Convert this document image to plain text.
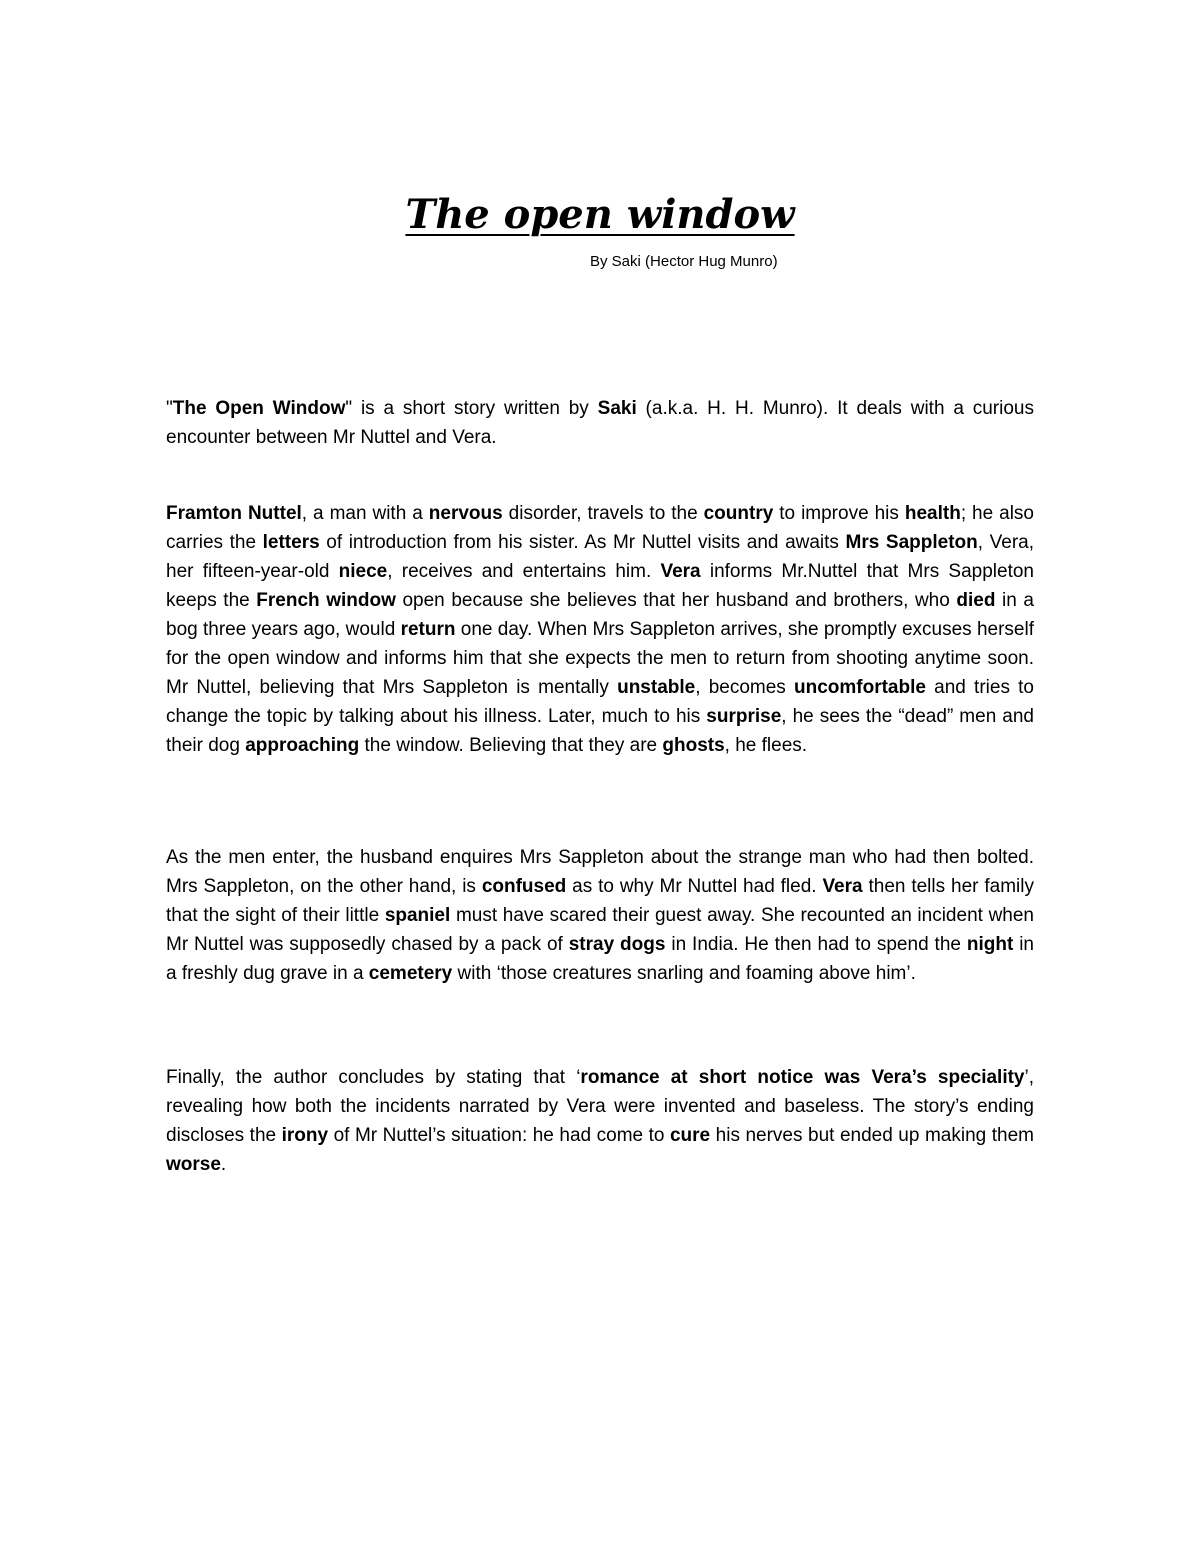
The open window

By Saki (Hector Hug Munro)

"The Open Window" is a short story written by Saki (a.k.a. H. H. Munro). It deals with a curious encounter between Mr Nuttel and Vera.

Framton Nuttel, a man with a nervous disorder, travels to the country to improve his health; he also carries the letters of introduction from his sister. As Mr Nuttel visits and awaits Mrs Sappleton, Vera, her fifteen-year-old niece, receives and entertains him. Vera informs Mr.Nuttel that Mrs Sappleton keeps the French window open because she believes that her husband and brothers, who died in a bog three years ago, would return one day. When Mrs Sappleton arrives, she promptly excuses herself for the open window and informs him that she expects the men to return from shooting anytime soon. Mr Nuttel, believing that Mrs Sappleton is mentally unstable, becomes uncomfortable and tries to change the topic by talking about his illness. Later, much to his surprise, he sees the “dead” men and their dog approaching the window. Believing that they are ghosts, he flees.

As the men enter, the husband enquires Mrs Sappleton about the strange man who had then bolted. Mrs Sappleton, on the other hand, is confused as to why Mr Nuttel had fled. Vera then tells her family that the sight of their little spaniel must have scared their guest away. She recounted an incident when Mr Nuttel was supposedly chased by a pack of stray dogs in India. He then had to spend the night in a freshly dug grave in a cemetery with ‘those creatures snarling and foaming above him’.

Finally, the author concludes by stating that ‘romance at short notice was Vera’s speciality’, revealing how both the incidents narrated by Vera were invented and baseless. The story’s ending discloses the irony of Mr Nuttel’s situation: he had come to cure his nerves but ended up making them worse.
